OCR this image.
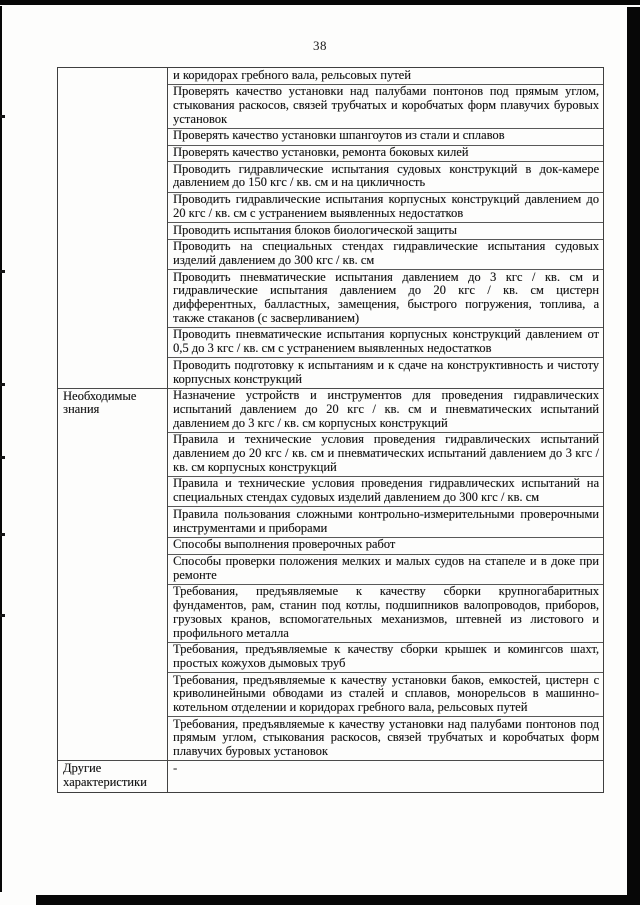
38
и коридорах гребного вала, рельсовых путей
Проверять качество установки над палубами понтонов под прямым углом, стыкования раскосов, связей трубчатых и коробчатых форм плавучих буровых установок
Проверять качество установки шпангоутов из стали и сплавов
Проверять качество установки, ремонта боковых килей
Проводить гидравлические испытания судовых конструкций в док-камере давлением до 150 кгс / кв. см и на цикличность
Проводить гидравлические испытания корпусных конструкций давлением до 20 кгс / кв. см с устранением выявленных недостатков
Проводить испытания блоков биологической защиты
Проводить на специальных стендах гидравлические испытания судовых изделий давлением до 300 кгс / кв. см
Проводить пневматические испытания давлением до 3 кгс / кв. см и гидравлические испытания давлением до 20 кгс / кв. см цистерн дифферентных, балластных, замещения, быстрого погружения, топлива, а также стаканов (с засверливанием)
Проводить пневматические испытания корпусных конструкций давлением от 0,5 до 3 кгс / кв. см с устранением выявленных недостатков
Проводить подготовку к испытаниям и к сдаче на конструктивность и чистоту корпусных конструкций
Необходимые знания
Назначение устройств и инструментов для проведения гидравлических испытаний давлением до 20 кгс / кв. см и пневматических испытаний давлением до 3 кгс / кв. см корпусных конструкций
Правила и технические условия проведения гидравлических испытаний давлением до 20 кгс / кв. см и пневматических испытаний давлением до 3 кгс / кв. см корпусных конструкций
Правила и технические условия проведения гидравлических испытаний на специальных стендах судовых изделий давлением до 300 кгс / кв. см
Правила пользования сложными контрольно-измерительными проверочными инструментами и приборами
Способы выполнения проверочных работ
Способы проверки положения мелких и малых судов на стапеле и в доке при ремонте
Требования, предъявляемые к качеству сборки крупногабаритных фундаментов, рам, станин под котлы, подшипников валопроводов, приборов, грузовых кранов, вспомогательных механизмов, штевней из листового и профильного металла
Требования, предъявляемые к качеству сборки крышек и комингсов шахт, простых кожухов дымовых труб
Требования, предъявляемые к качеству установки баков, емкостей, цистерн с криволинейными обводами из сталей и сплавов, монорельсов в машинно-котельном отделении и коридорах гребного вала, рельсовых путей
Требования, предъявляемые к качеству установки над палубами понтонов под прямым углом, стыкования раскосов, связей трубчатых и коробчатых форм плавучих буровых установок
Другие характеристики
-
